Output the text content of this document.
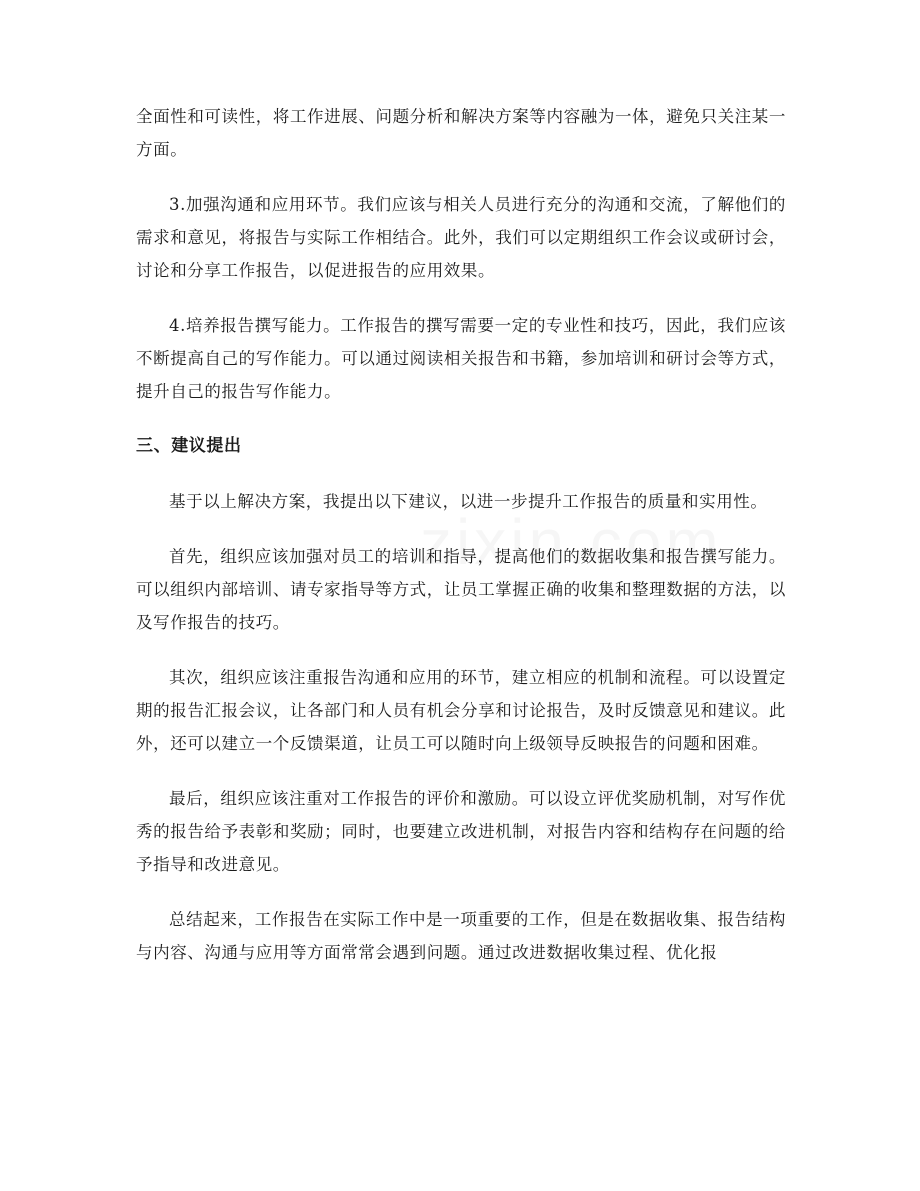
全面性和可读性，将工作进展、问题分析和解决方案等内容融为一体，避免只关注某一方面。

3.加强沟通和应用环节。我们应该与相关人员进行充分的沟通和交流，了解他们的需求和意见，将报告与实际工作相结合。此外，我们可以定期组织工作会议或研讨会，讨论和分享工作报告，以促进报告的应用效果。

4.培养报告撰写能力。工作报告的撰写需要一定的专业性和技巧，因此，我们应该不断提高自己的写作能力。可以通过阅读相关报告和书籍，参加培训和研讨会等方式，提升自己的报告写作能力。

三、建议提出

基于以上解决方案，我提出以下建议，以进一步提升工作报告的质量和实用性。

首先，组织应该加强对员工的培训和指导，提高他们的数据收集和报告撰写能力。可以组织内部培训、请专家指导等方式，让员工掌握正确的收集和整理数据的方法，以及写作报告的技巧。

其次，组织应该注重报告沟通和应用的环节，建立相应的机制和流程。可以设置定期的报告汇报会议，让各部门和人员有机会分享和讨论报告，及时反馈意见和建议。此外，还可以建立一个反馈渠道，让员工可以随时向上级领导反映报告的问题和困难。

最后，组织应该注重对工作报告的评价和激励。可以设立评优奖励机制，对写作优秀的报告给予表彰和奖励；同时，也要建立改进机制，对报告内容和结构存在问题的给予指导和改进意见。

总结起来，工作报告在实际工作中是一项重要的工作，但是在数据收集、报告结构与内容、沟通与应用等方面常常会遇到问题。通过改进数据收集过程、优化报
